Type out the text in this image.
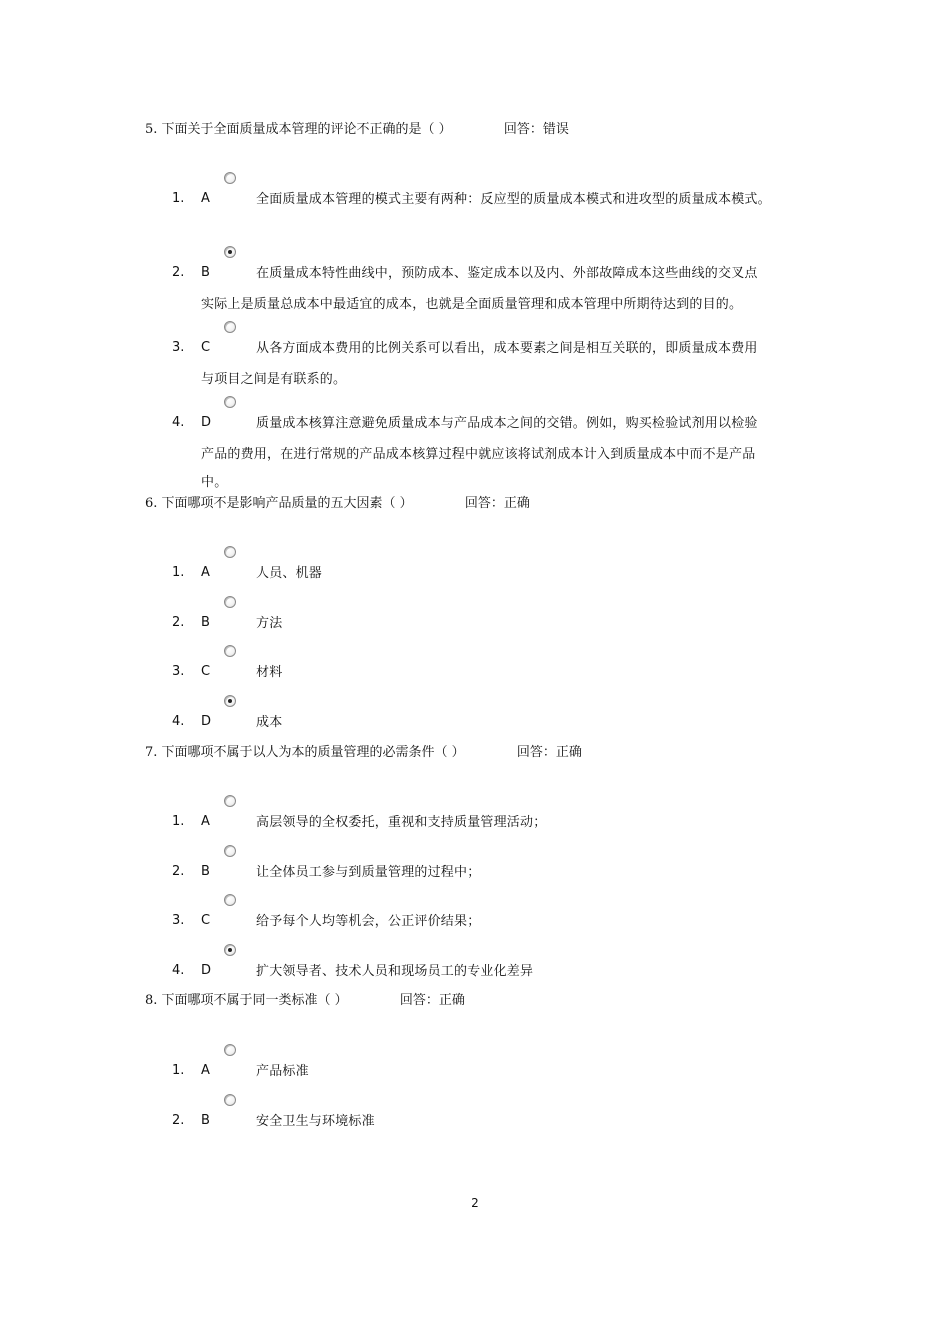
5. 下面关于全面质量成本管理的评论不正确的是（ ）	回答：错误
1. A	全面质量成本管理的模式主要有两种：反应型的质量成本模式和进攻型的质量成本模式。
2. B	在质量成本特性曲线中，预防成本、鉴定成本以及内、外部故障成本这些曲线的交叉点
实际上是质量总成本中最适宜的成本，也就是全面质量管理和成本管理中所期待达到的目的。
3. C	从各方面成本费用的比例关系可以看出，成本要素之间是相互关联的，即质量成本费用
与项目之间是有联系的。
4. D	质量成本核算注意避免质量成本与产品成本之间的交错。例如，购买检验试剂用以检验
产品的费用，在进行常规的产品成本核算过程中就应该将试剂成本计入到质量成本中而不是产品
中。
6. 下面哪项不是影响产品质量的五大因素（ ）	回答：正确
1. A	人员、机器
2. B	方法
3. C	材料
4. D	成本
7. 下面哪项不属于以人为本的质量管理的必需条件（ ）	回答：正确
1. A	高层领导的全权委托，重视和支持质量管理活动；
2. B	让全体员工参与到质量管理的过程中；
3. C	给予每个人均等机会，公正评价结果；
4. D	扩大领导者、技术人员和现场员工的专业化差异
8. 下面哪项不属于同一类标准（ ）	回答：正确
1. A	产品标准
2. B	安全卫生与环境标准
2
